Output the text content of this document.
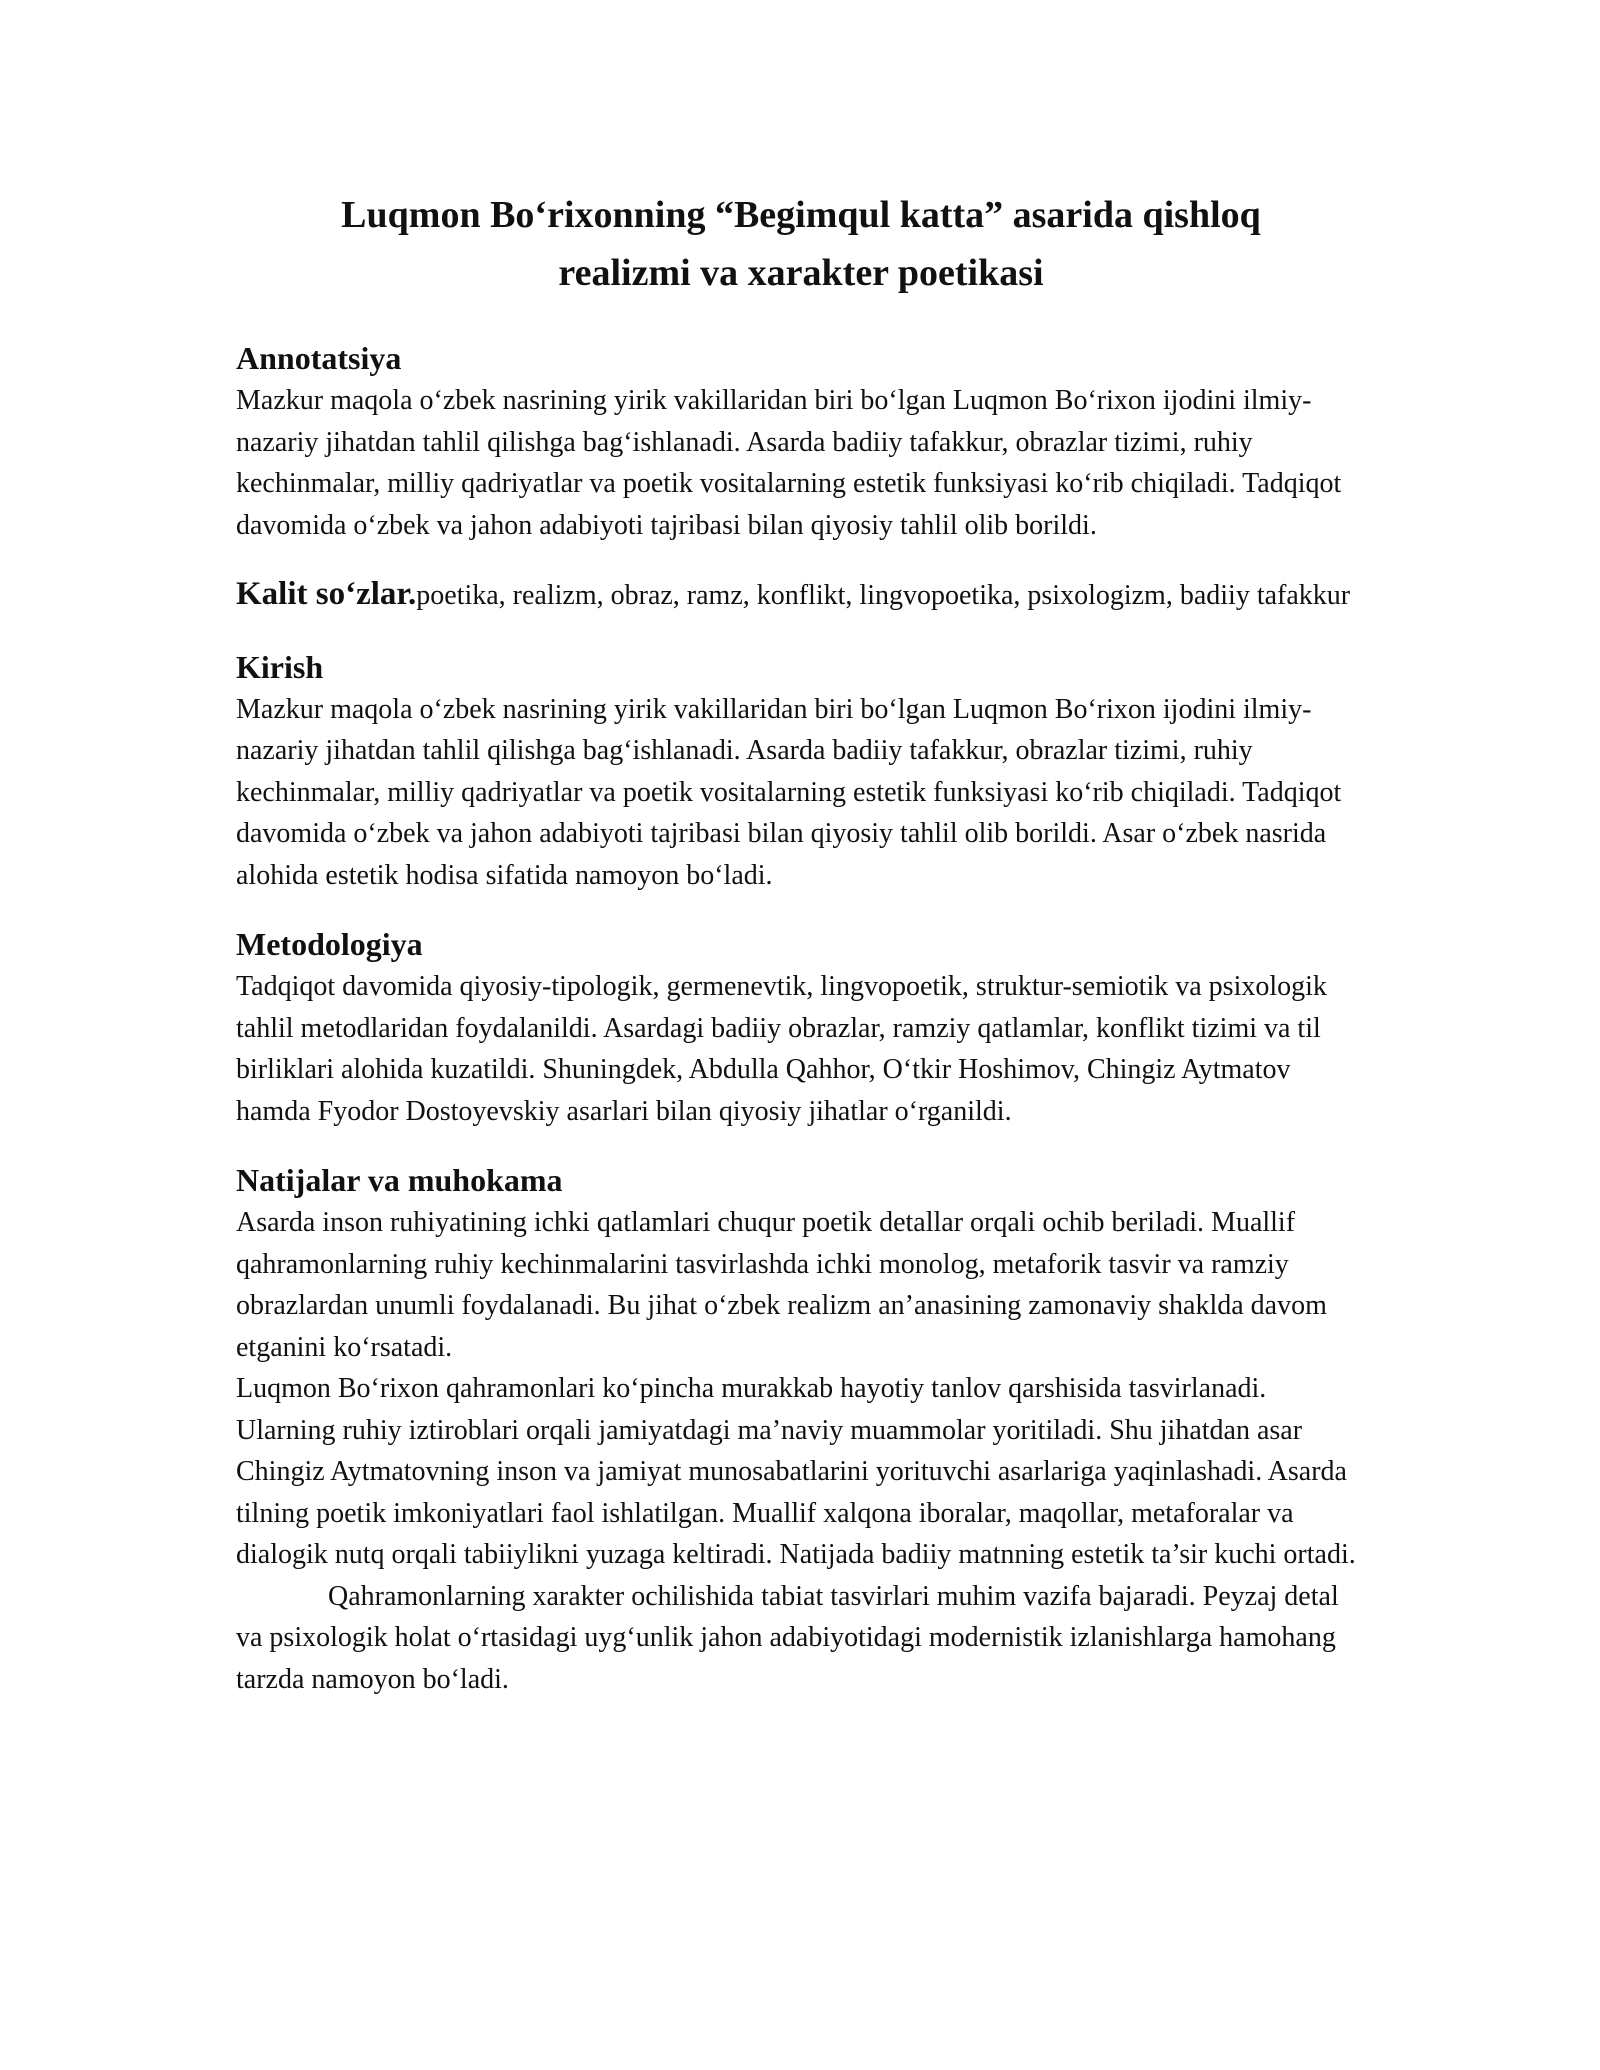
Luqmon Bo‘rixonning “Begimqul katta” asarida qishloq
realizmi va xarakter poetikasi
Annotatsiya

Mazkur maqola o‘zbek nasrining yirik vakillaridan biri bo‘lgan Luqmon Bo‘rixon ijodini ilmiy-nazariy jihatdan tahlil qilishga bag‘ishlanadi. Asarda badiiy tafakkur, obrazlar tizimi, ruhiy kechinmalar, milliy qadriyatlar va poetik vositalarning estetik funksiyasi ko‘rib chiqiladi. Tadqiqot davomida o‘zbek va jahon adabiyoti tajribasi bilan qiyosiy tahlil olib borildi.

Kalit so‘zlar.poetika, realizm, obraz, ramz, konflikt, lingvopoetika, psixologizm, badiiy tafakkur

Kirish

Mazkur maqola o‘zbek nasrining yirik vakillaridan biri bo‘lgan Luqmon Bo‘rixon ijodini ilmiy-nazariy jihatdan tahlil qilishga bag‘ishlanadi. Asarda badiiy tafakkur, obrazlar tizimi, ruhiy kechinmalar, milliy qadriyatlar va poetik vositalarning estetik funksiyasi ko‘rib chiqiladi. Tadqiqot davomida o‘zbek va jahon adabiyoti tajribasi bilan qiyosiy tahlil olib borildi. Asar o‘zbek nasrida alohida estetik hodisa sifatida namoyon bo‘ladi.

Metodologiya

Tadqiqot davomida qiyosiy-tipologik, germenevtik, lingvopoetik, struktur-semiotik va psixologik tahlil metodlaridan foydalanildi. Asardagi badiiy obrazlar, ramziy qatlamlar, konflikt tizimi va til birliklari alohida kuzatildi. Shuningdek, Abdulla Qahhor, O‘tkir Hoshimov, Chingiz Aytmatov hamda Fyodor Dostoyevskiy asarlari bilan qiyosiy jihatlar o‘rganildi.

Natijalar va muhokama

Asarda inson ruhiyatining ichki qatlamlari chuqur poetik detallar orqali ochib beriladi. Muallif qahramonlarning ruhiy kechinmalarini tasvirlashda ichki monolog, metaforik tasvir va ramziy obrazlardan unumli foydalanadi. Bu jihat o‘zbek realizm an’anasining zamonaviy shaklda davom etganini ko‘rsatadi.

Luqmon Bo‘rixon qahramonlari ko‘pincha murakkab hayotiy tanlov qarshisida tasvirlanadi. Ularning ruhiy iztiroblari orqali jamiyatdagi ma’naviy muammolar yoritiladi. Shu jihatdan asar Chingiz Aytmatovning inson va jamiyat munosabatlarini yorituvchi asarlariga yaqinlashadi. Asarda tilning poetik imkoniyatlari faol ishlatilgan. Muallif xalqona iboralar, maqollar, metaforalar va dialogik nutq orqali tabiiylikni yuzaga keltiradi. Natijada badiiy matnning estetik ta’sir kuchi ortadi.

Qahramonlarning xarakter ochilishida tabiat tasvirlari muhim vazifa bajaradi. Peyzaj detal va psixologik holat o‘rtasidagi uyg‘unlik jahon adabiyotidagi modernistik izlanishlarga hamohang tarzda namoyon bo‘ladi.
